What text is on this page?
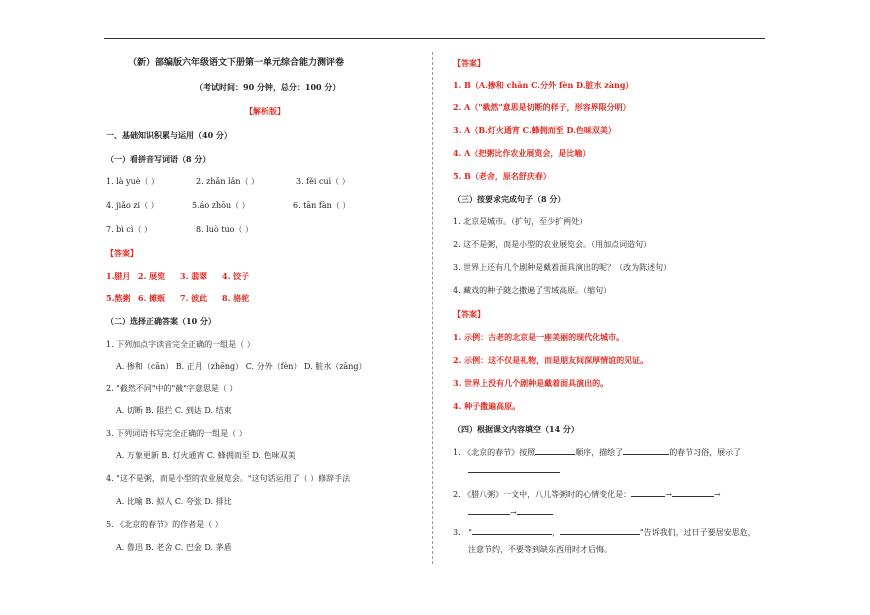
（新）部编版六年级语文下册第一单元综合能力测评卷
（考试时间：90 分钟，总分：100 分）
【解析版】
一、基础知识积累与运用（40 分）
（一）看拼音写词语（8 分）
1. là yuè（ ）	2. zhǎn lǎn（ ）	3. fěi cuì（ ）
4. jiǎo zi（ ）	5.áo zhōu（ ）	6. tān fàn（ ）
7. bì cì（ ）	8. luò tuo（ ）
【答案】
1.腊月 2. 展览 3. 翡翠 4. 饺子
5.熬粥 6. 摊贩 7. 彼此 8. 骆驼
（二）选择正确答案（10 分）
1. 下列加点字读音完全正确的一组是（ ）
A. 掺和（cān） B. 正月（zhēng） C. 分外（fèn） D. 脏水（zāng）
2. "截然不同"中的"截"字意思是（ ）
A. 切断 B. 阻拦 C. 到达 D. 结束
3. 下列词语书写完全正确的一组是（ ）
A. 万象更新 B. 灯火通宵 C. 蜂拥而至 D. 色味双美
4. "这不是粥，而是小型的农业展览会。"这句话运用了（ ）修辞手法
A. 比喻 B. 拟人 C. 夸张 D. 排比
5. 《北京的春节》的作者是（ ）
A. 鲁迅 B. 老舍 C. 巴金 D. 茅盾
【答案】
1. B（A.掺和 chān C.分外 fèn D.脏水 zàng）
2. A（"截然"意思是切断的样子，形容界限分明）
3. A（B.灯火通宵 C.蜂拥而至 D.色味双美）
4. A（把粥比作农业展览会，是比喻）
5. B（老舍，原名舒庆春）
（三）按要求完成句子（8 分）
1. 北京是城市。（扩句，至少扩两处）
2. 这不是粥，而是小型的农业展览会。（用加点词造句）
3. 世界上还有几个剧种是戴着面具演出的呢？（改为陈述句）
4. 藏戏的种子随之撒遍了雪域高原。（缩句）
【答案】
1. 示例：古老的北京是一座美丽的现代化城市。
2. 示例：这不仅是礼物，而是朋友间深厚情谊的见证。
3. 世界上没有几个剧种是戴着面具演出的。
4. 种子撒遍高原。
（四）根据课文内容填空（14 分）
1. 《北京的春节》按照	顺序，描绘了	的春节习俗，展示了
2. 《腊八粥》一文中，八儿等粥时的心情变化是：	→	→
→
3. "	，	"告诉我们，过日子要居安思危，
注意节约，不要等到缺东西用时才后悔。
